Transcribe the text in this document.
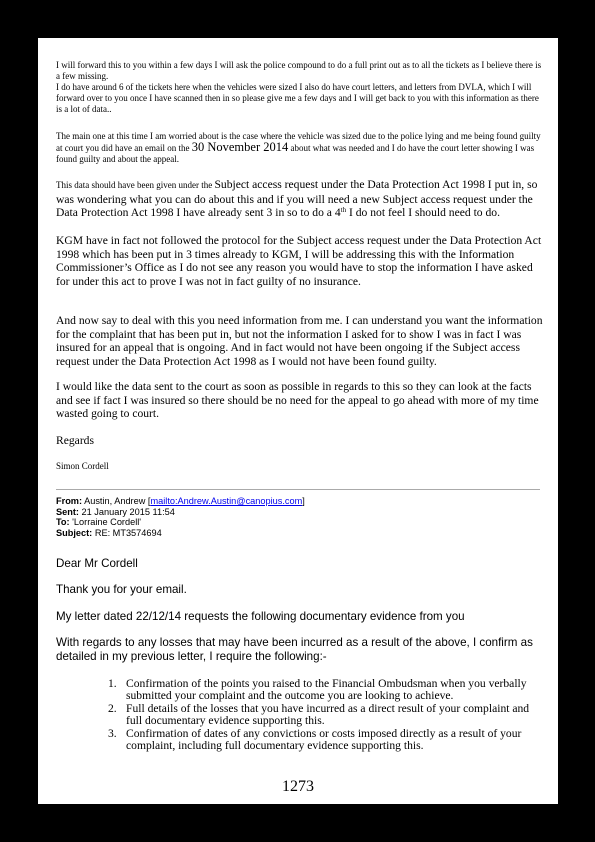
I will forward this to you within a few days I will ask the police compound to do a full print out as to all the tickets as I believe there is a few missing.
I do have around 6 of the tickets here when the vehicles were sized I also do have court letters, and letters from DVLA, which I will forward over to you once I have scanned then in so please give me a few days and I will get back to you with this information as there is a lot of data..

The main one at this time I am worried about is the case where the vehicle was sized due to the police lying and me being found guilty at court you did have an email on the 30 November 2014 about what was needed and I do have the court letter showing I was found guilty and about the appeal.

This data should have been given under the Subject access request under the Data Protection Act 1998 I put in, so was wondering what you can do about this and if you will need a new Subject access request under the Data Protection Act 1998 I have already sent 3 in so to do a 4th I do not feel I should need to do.

KGM have in fact not followed the protocol for the Subject access request under the Data Protection Act 1998 which has been put in 3 times already to KGM, I will be addressing this with the Information Commissioner’s Office as I do not see any reason you would have to stop the information I have asked for under this act to prove I was not in fact guilty of no insurance.

And now say to deal with this you need information from me. I can understand you want the information for the complaint that has been put in, but not the information I asked for to show I was in fact I was insured for an appeal that is ongoing. And in fact would not have been ongoing if the Subject access request under the Data Protection Act 1998 as I would not have been found guilty.

I would like the data sent to the court as soon as possible in regards to this so they can look at the facts and see if fact I was insured so there should be no need for the appeal to go ahead with more of my time wasted going to court.

Regards

Simon Cordell

From: Austin, Andrew [mailto:Andrew.Austin@canopius.com]
Sent: 21 January 2015 11:54
To: 'Lorraine Cordell'
Subject: RE: MT3574694

Dear Mr Cordell

Thank you for your email.

My letter dated 22/12/14 requests the following documentary evidence from you

With regards to any losses that may have been incurred as a result of the above, I confirm as detailed in my previous letter, I require the following:-

1. Confirmation of the points you raised to the Financial Ombudsman when you verbally submitted your complaint and the outcome you are looking to achieve.
2. Full details of the losses that you have incurred as a direct result of your complaint and full documentary evidence supporting this.
3. Confirmation of dates of any convictions or costs imposed directly as a result of your complaint, including full documentary evidence supporting this.
1273
